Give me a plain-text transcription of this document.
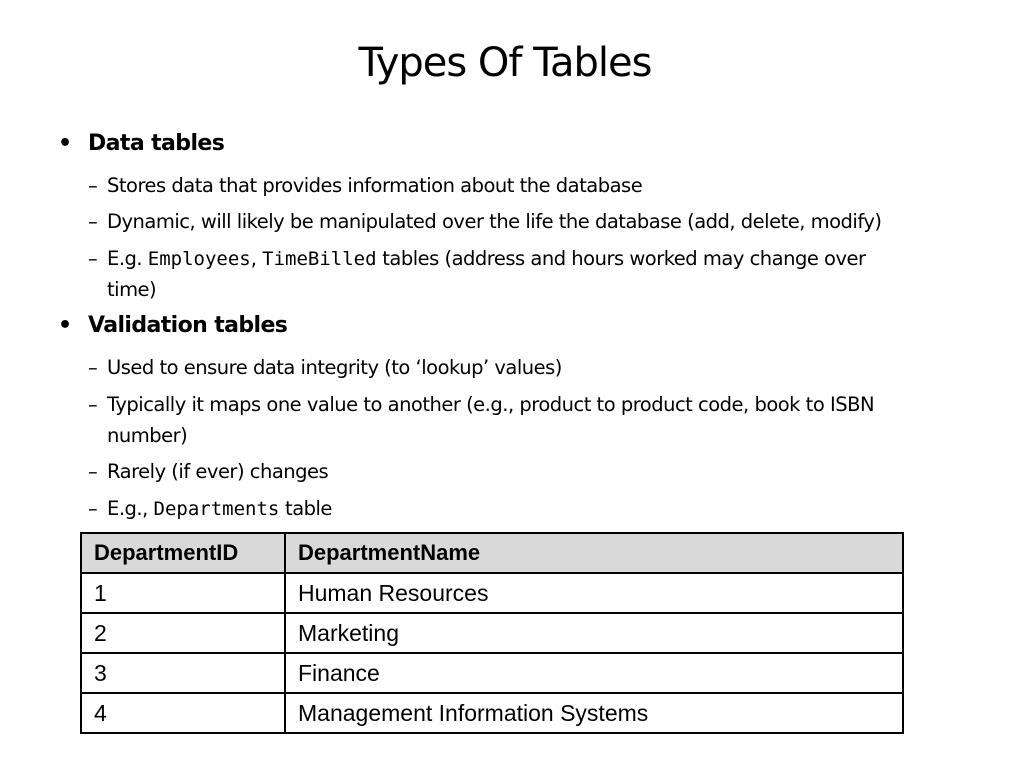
Types Of Tables
• Data tables
– Stores data that provides information about the database
– Dynamic, will likely be manipulated over the life the database (add, delete, modify)
– E.g. Employees, TimeBilled tables (address and hours worked may change over
time)
• Validation tables
– Used to ensure data integrity (to ‘lookup’ values)
– Typically it maps one value to another (e.g., product to product code, book to ISBN
number)
– Rarely (if ever) changes
– E.g., Departments table
DepartmentID	DepartmentName
1	Human Resources
2	Marketing
3	Finance
4	Management Information Systems
